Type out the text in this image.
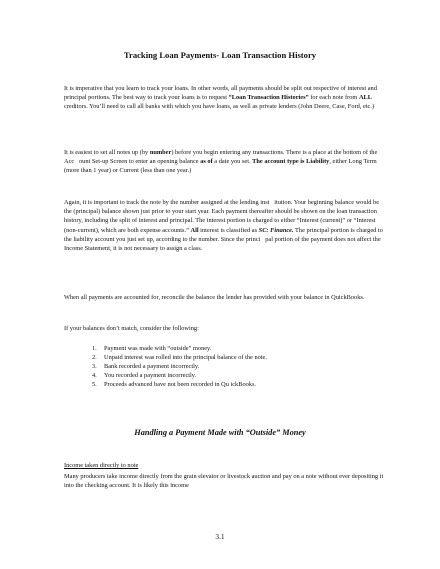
Tracking Loan Payments- Loan Transaction History

It is imperative that you learn to track your loans. In other words, all payments should be split out respective of interest and principal portions. The best way to track your loans is to request “Loan Transaction Histories” for each note from ALL creditors. You’ll need to call all banks with which you have loans, as well as private lenders (John Deere, Case, Ford, etc.)

It is easiest to set all notes up (by number) before you begin entering any transactions. There is a place at the bottom of the Acc ount Set-up Screen to enter an opening balance as of a date you set. The account type is Liability, either Long Term (more than 1 year) or Current (less than one year.)

Again, it is important to track the note by the number assigned at the lending inst itution. Your beginning balance would be the (principal) balance shown just prior to your start year. Each payment thereafter should be shown on the loan transaction history, including the split of interest and principal. The interest portion is charged to either “Interest (current)” or “Interest (non-current), which are both expense accounts.” All interest is classified as SC: Finance. The principal portion is charged to the liability account you just set up, according to the number. Since the princi pal portion of the payment does not affect the Income Statement, it is not necessary to assign a class.

When all payments are accounted for, reconcile the balance the lender has provided with your balance in QuickBooks.

If your balances don’t match, consider the following:

1. Payment was made with “outside” money.
2. Unpaid interest was rolled into the principal balance of the note.
3. Bank recorded a payment incorrectly.
4. You recorded a payment incorrectly.
5. Proceeds advanced have not been recorded in Qu ickBooks.
Handling a Payment Made with “Outside” Money
Income taken directly to note

Many producers take income directly from the grain elevator or livestock auction and pay on a note without ever depositing it into the checking account. It is likely this income

3.1
